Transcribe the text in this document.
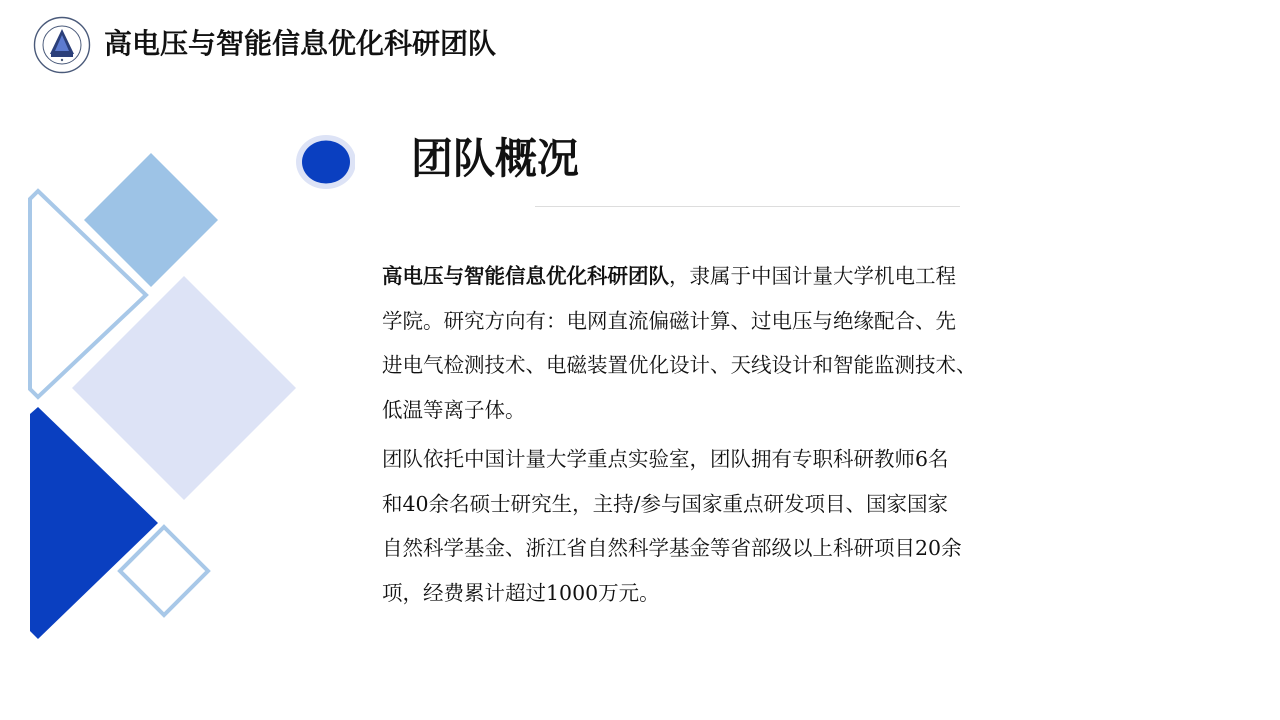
高电压与智能信息优化科研团队
团队概况

高电压与智能信息优化科研团队，隶属于中国计量大学机电工程
学院。研究方向有：电网直流偏磁计算、过电压与绝缘配合、先
进电气检测技术、电磁装置优化设计、天线设计和智能监测技术、
低温等离子体。

团队依托中国计量大学重点实验室，团队拥有专职科研教师6名
和40余名硕士研究生，主持/参与国家重点研发项目、国家国家
自然科学基金、浙江省自然科学基金等省部级以上科研项目20余
项，经费累计超过1000万元。
